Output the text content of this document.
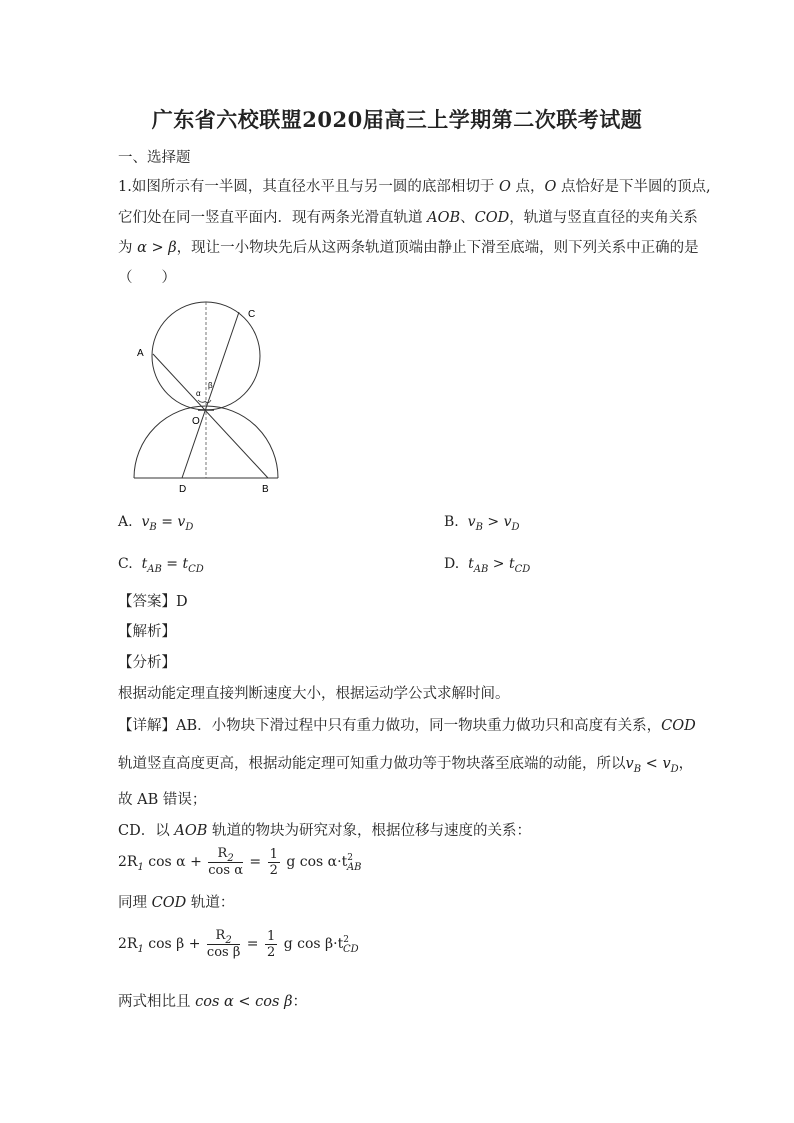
广东省六校联盟2020届高三上学期第二次联考试题
一、选择题
1.如图所示有一半圆，其直径水平且与另一圆的底部相切于 O 点，O 点恰好是下半圆的顶点,
它们处在同一竖直平面内．现有两条光滑直轨道 AOB、COD，轨道与竖直直径的夹角关系
为 α > β，现让一小物块先后从这两条轨道顶端由静止下滑至底端，则下列关系中正确的是
（　　）
A
C
α
β
O
D	B
A. $v_B = v_D$	B. $v_B > v_D$
C. $t_{AB} = t_{CD}$	D. $t_{AB} > t_{CD}$
【答案】D
【解析】
【分析】
根据动能定理直接判断速度大小，根据运动学公式求解时间。
【详解】AB．小物块下滑过程中只有重力做功，同一物块重力做功只和高度有关系，COD
轨道竖直高度更高，根据动能定理可知重力做功等于物块落至底端的动能，所以$v_B < v_D$，
故 AB 错误；
CD．以 AOB 轨道的物块为研究对象，根据位移与速度的关系：
$2R_1$ $\cos \alpha + \frac{R_2}{\text{cos α}} = \frac{1}{2}$ g $\cos \alpha\cdot t^2_{AB}$
同理 COD 轨道：
$2R_1$ $\cos \beta + \frac{R_2}{\text{cos β}} = \frac{1}{2}$ g $\cos \beta\cdot t^2_{CD}$
两式相比且 cos α < cos β：
